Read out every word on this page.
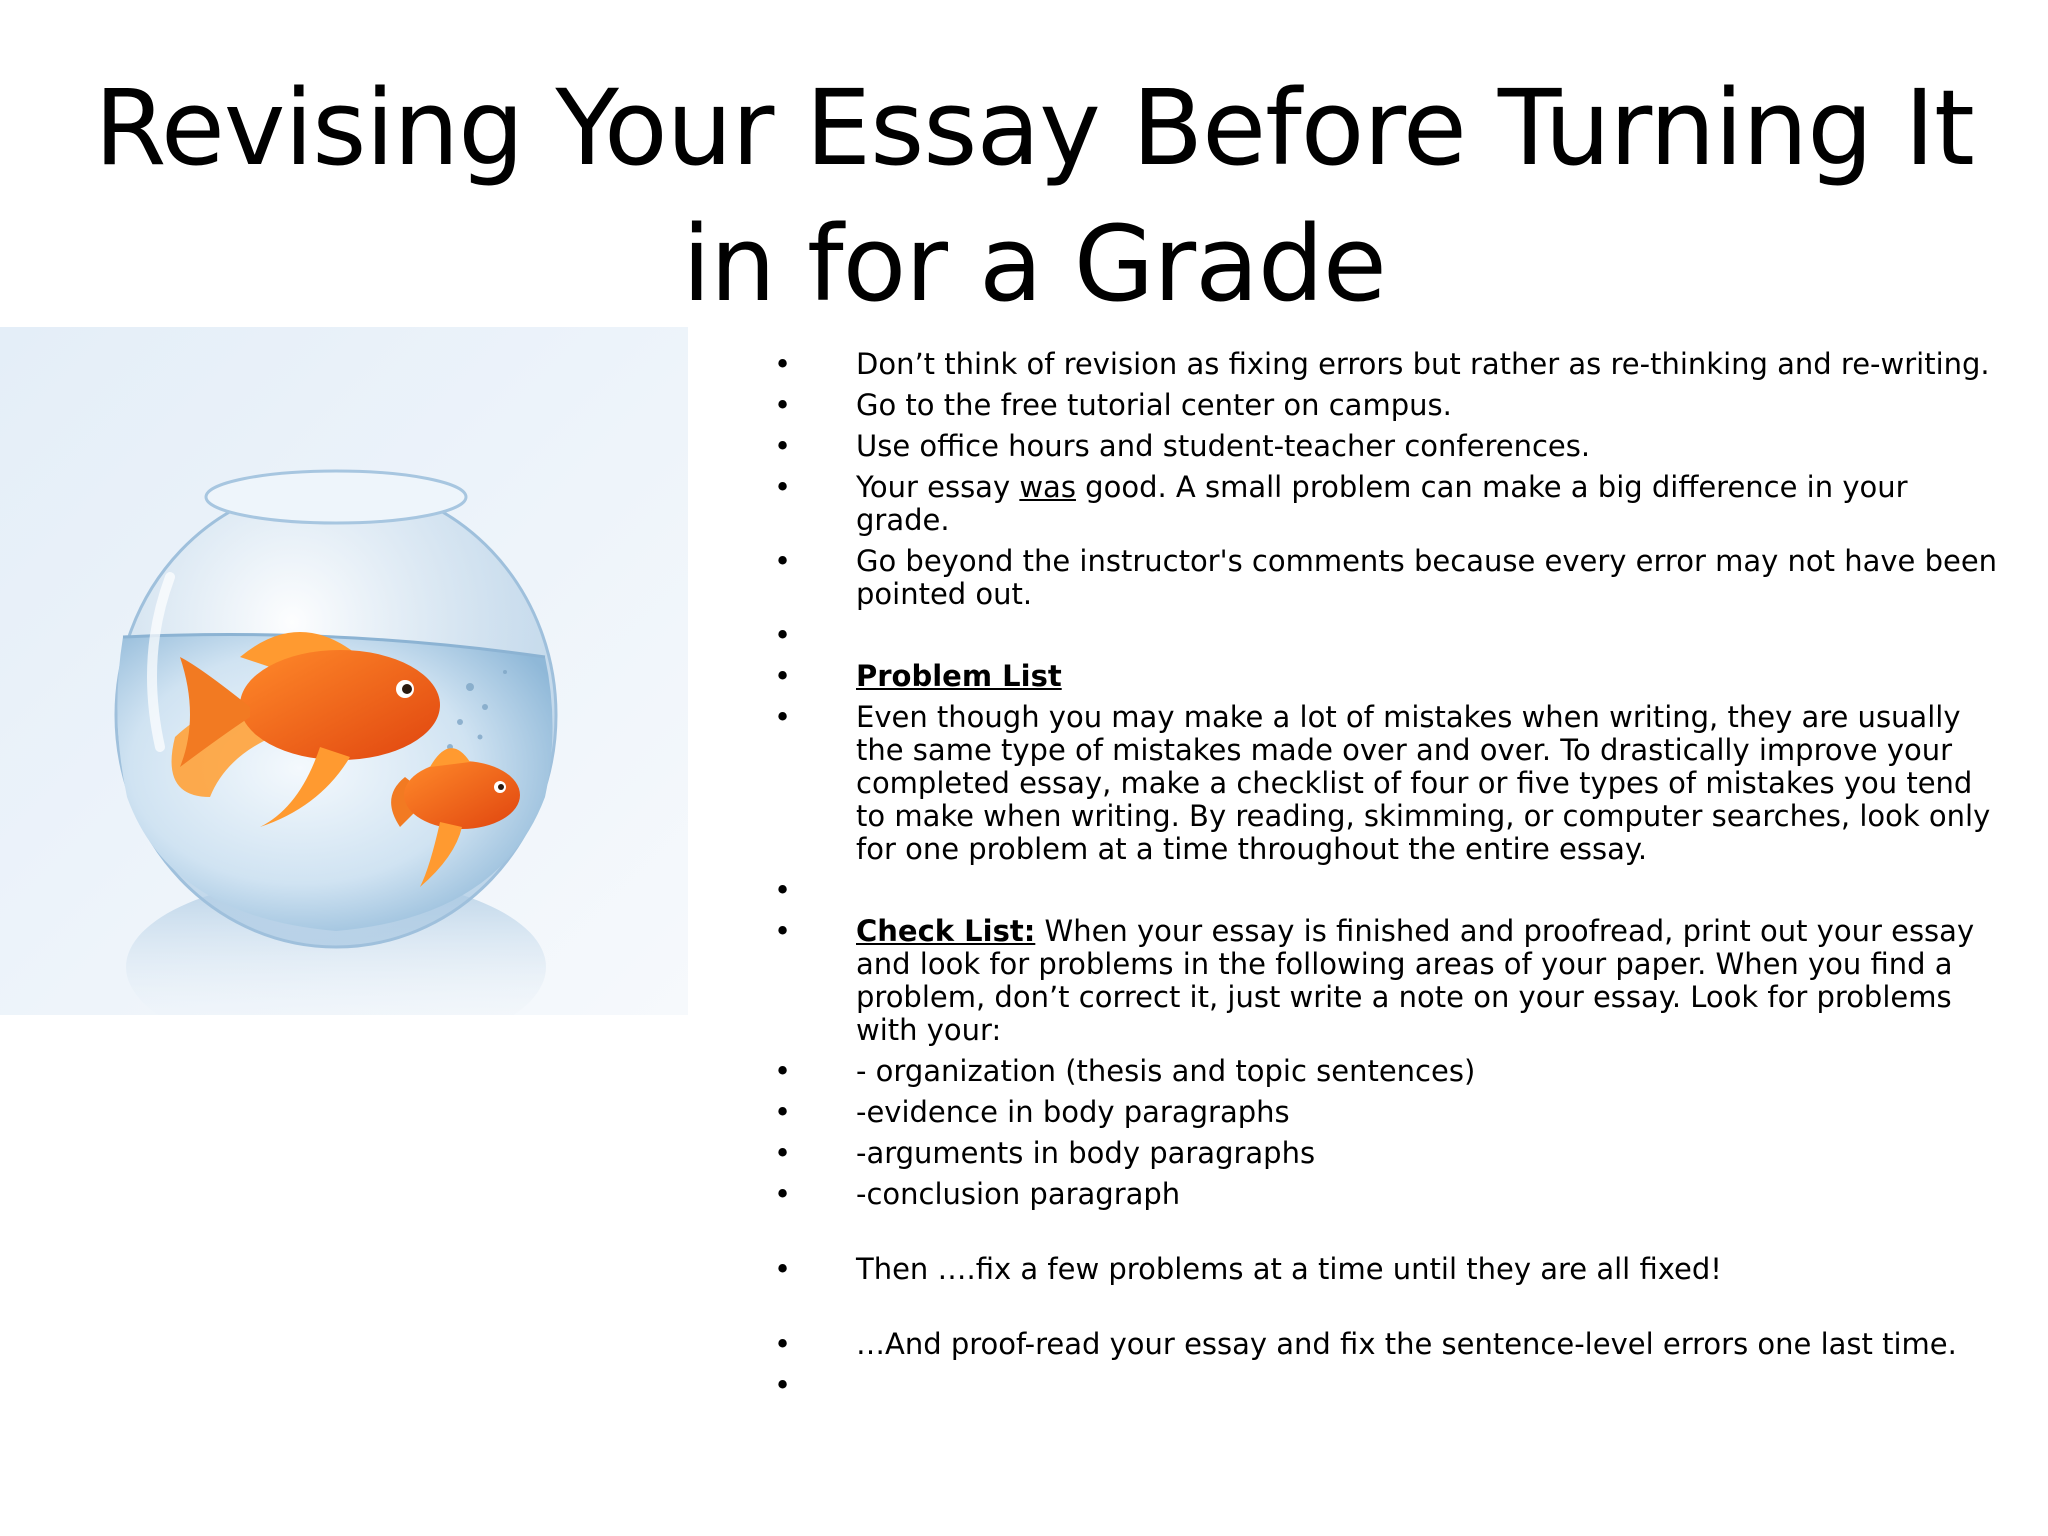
Revising Your Essay Before Turning It in for a Grade
• Don’t think of revision as fixing errors but rather as re-thinking and re-writing.
• Go to the free tutorial center on campus.
• Use office hours and student-teacher conferences.
• Your essay was good. A small problem can make a big difference in your grade.
• Go beyond the instructor's comments because every error may not have been pointed out.
•
• Problem List
• Even though you may make a lot of mistakes when writing, they are usually the same type of mistakes made over and over. To drastically improve your completed essay, make a checklist of four or five types of mistakes you tend to make when writing. By reading, skimming, or computer searches, look only for one problem at a time throughout the entire essay.
•
• Check List: When your essay is finished and proofread, print out your essay and look for problems in the following areas of your paper. When you find a problem, don’t correct it, just write a note on your essay. Look for problems with your:
• - organization (thesis and topic sentences)
• -evidence in body paragraphs
• -arguments in body paragraphs
• -conclusion paragraph
• Then ….fix a few problems at a time until they are all fixed!
• …And proof-read your essay and fix the sentence-level errors one last time.
•
